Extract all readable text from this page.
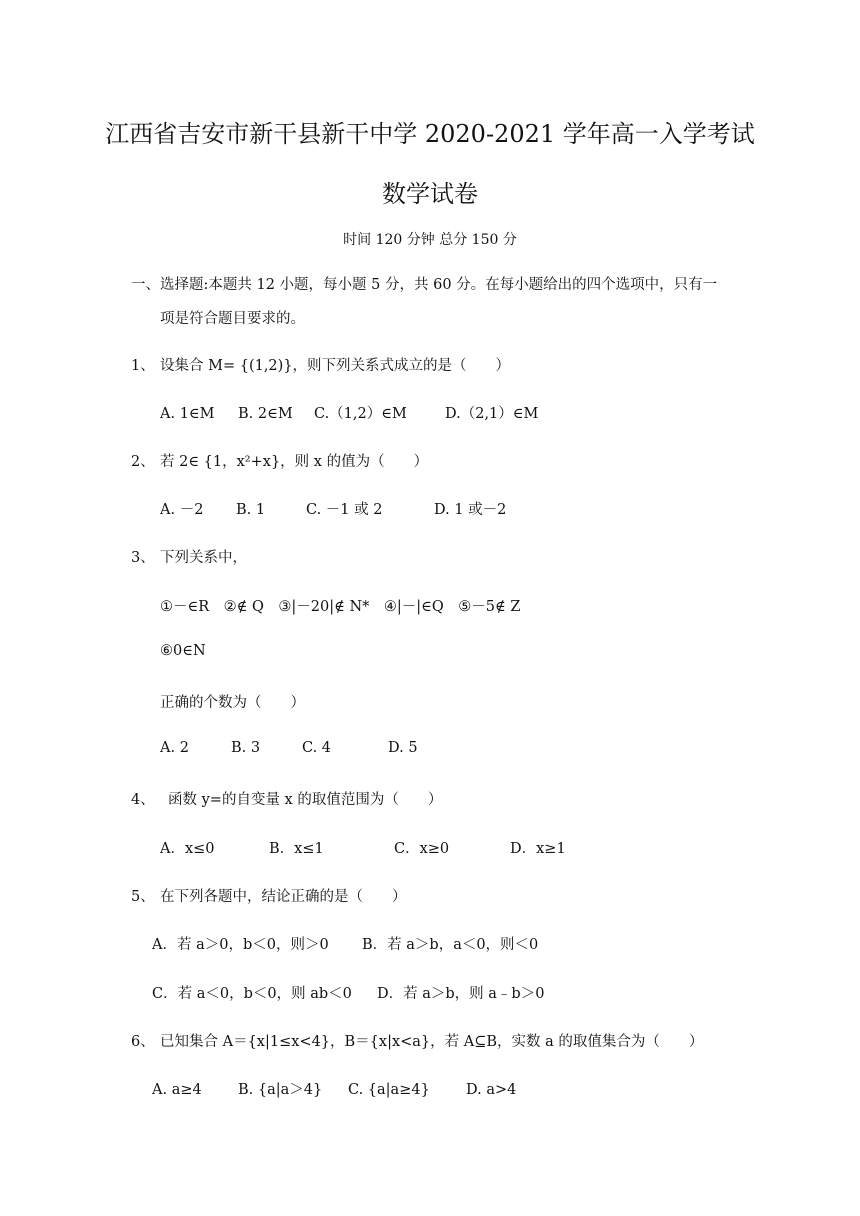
江西省吉安市新干县新干中学 2020-2021 学年高一入学考试
数学试卷
时间 120 分钟 总分 150 分
一、选择题:本题共 12 小题，每小题 5 分，共 60 分。在每小题给出的四个选项中，只有一
项是符合题目要求的。
1、 设集合 M= {(1,2)}，则下列关系式成立的是（　　）
A. 1∈M B. 2∈M C.（1,2）∈M	D.（2,1）∈M
2、 若 2∈ {1，x²+x}，则 x 的值为（　　）
A. －2 B. 1	C. －1 或 2	D. 1 或－2
3、 下列关系中，
①－∈R　②∉ Q　③|－20|∉ N*　④|－|∈Q　⑤－5∉ Z
⑥0∈N
正确的个数为（　　）
A. 2	B. 3	C. 4	D. 5
4、 函数 y=的自变量 x 的取值范围为（　　）
A．x≤0	B．x≤1	C．x≥0	D．x≥1
5、 在下列各题中，结论正确的是（　　）
A．若 a＞0，b＜0，则＞0 B．若 a＞b，a＜0，则＜0
C．若 a＜0，b＜0，则 ab＜0 D．若 a＞b，则 a﹣b＞0
6、 已知集合 A＝{x|1≤x<4}，B＝{x|x<a}，若 A⊆B，实数 a 的取值集合为（　　）
A. a≥4	B. {a|a＞4} C. {a|a≥4} D. a>4
